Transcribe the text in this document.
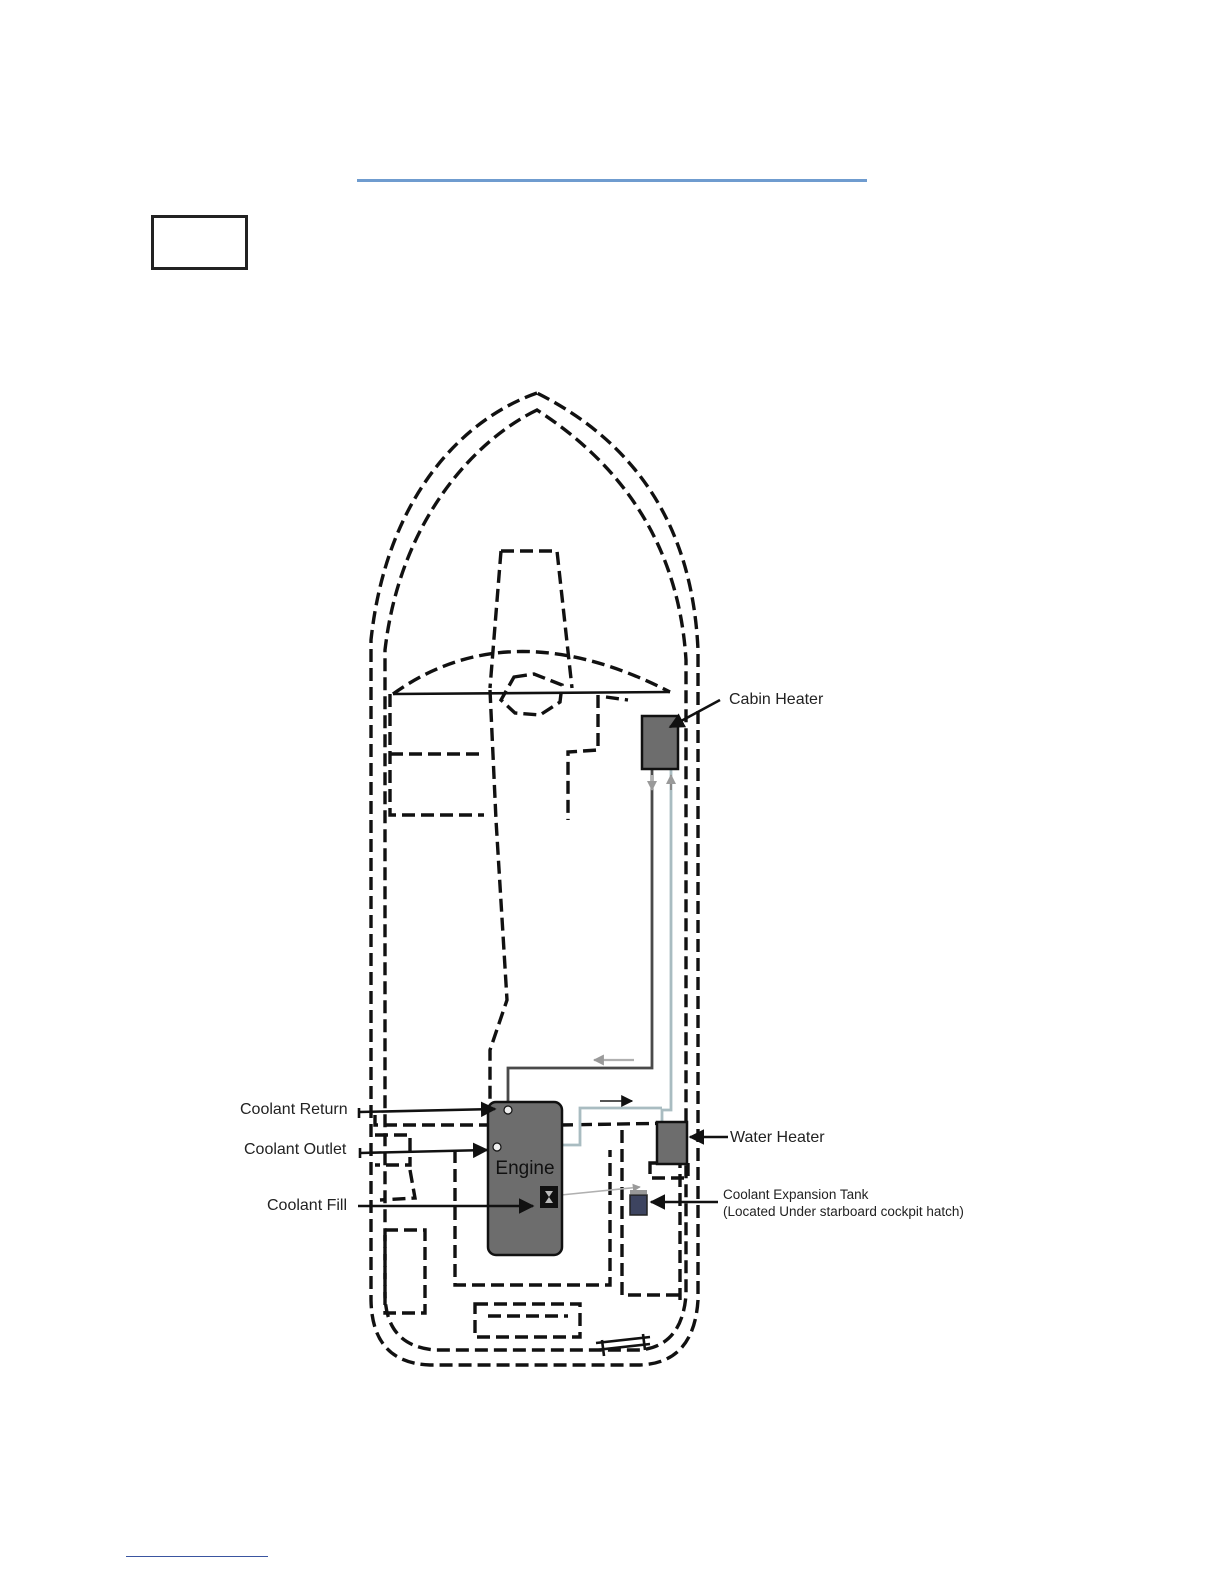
Engine
Cabin Heater
Water Heater
Coolant Return
Coolant Outlet
Coolant Fill
Coolant Expansion Tank
(Located Under starboard cockpit hatch)
